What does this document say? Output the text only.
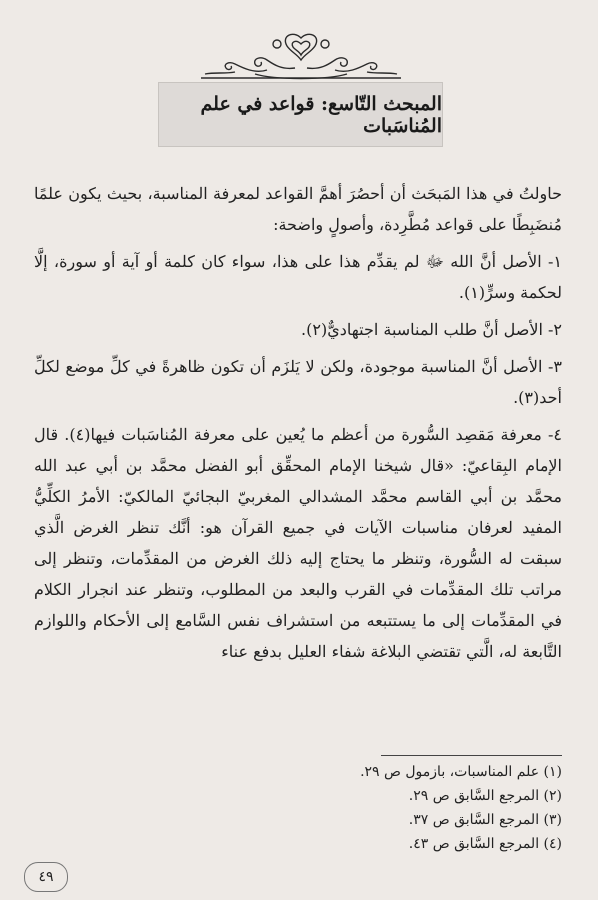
المبحث التّاسع: قواعد في علم المُناسَبات

حاولتُ في هذا المَبحَث أن أحصُرَ أهمَّ القواعد لمعرفة المناسبة، بحيث يكون علمًا مُنضَبِطًا على قواعد مُطَّرِدة، وأصولٍ واضحة:

١- الأصل أنَّ الله ﷻ لم يقدِّم هذا على هذا، سواء كان كلمة أو آية أو سورة، إلَّا لحكمة وسرٍّ(١).

٢- الأصل أنَّ طلب المناسبة اجتهاديٌّ(٢).

٣- الأصل أنَّ المناسبة موجودة، ولكن لا يَلزَم أن تكون ظاهرةً في كلِّ موضع لكلِّ أحد(٣).

٤- معرفة مَقصِد السُّورة من أعظم ما يُعين على معرفة المُناسَبات فيها(٤). قال الإمام البِقاعيّ: «قال شيخنا الإمام المحقِّق أبو الفضل محمَّد بن أبي عبد الله محمَّد بن أبي القاسم محمَّد المشدالي المغربيّ البجائيّ المالكيّ: الأمرُ الكلِّيُّ المفيد لعرفان مناسبات الآيات في جميع القرآن هو: أنَّك تنظر الغرض الَّذي سبقت له السُّورة، وتنظر ما يحتاج إليه ذلك الغرض من المقدِّمات، وتنظر إلى مراتب تلك المقدِّمات في القرب والبعد من المطلوب، وتنظر عند انجرار الكلام في المقدِّمات إلى ما يستتبعه من استشراف نفس السَّامع إلى الأحكام واللوازم التَّابعة له، الَّتي تقتضي البلاغة شفاء العليل بدفع عناء

(١) علم المناسبات، بازمول ص ٢٩.
(٢) المرجع السَّابق ص ٢٩.
(٣) المرجع السَّابق ص ٣٧.
(٤) المرجع السَّابق ص ٤٣.
٤٩
